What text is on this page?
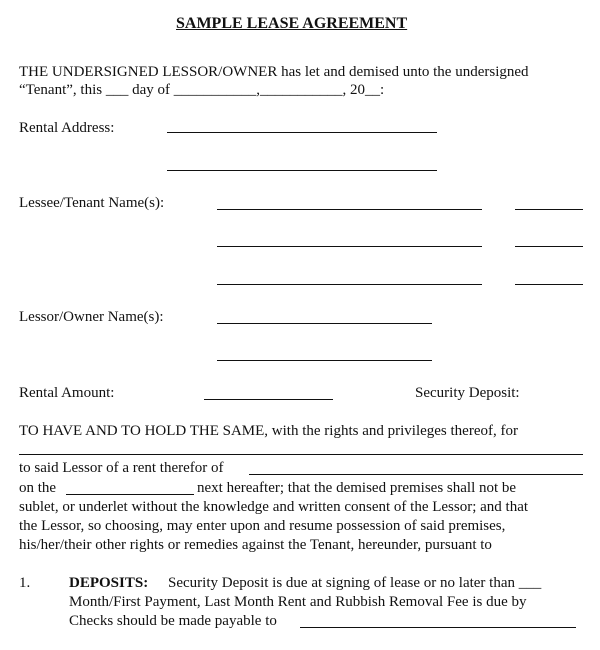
SAMPLE LEASE AGREEMENT
THE UNDERSIGNED LESSOR/OWNER has let and demised unto the undersigned
“Tenant”, this ___ day of ___________,___________, 20__:
Rental Address:
Lessee/Tenant Name(s):
Lessor/Owner Name(s):
Rental Amount:	Security Deposit:
TO HAVE AND TO HOLD THE SAME, with the rights and privileges thereof, for
to said Lessor of a rent therefor of
on the	next hereafter; that the demised premises shall not be
sublet, or underlet without the knowledge and written consent of the Lessor; and that
the Lessor, so choosing, may enter upon and resume possession of said premises,
his/her/their other rights or remedies against the Tenant, hereunder, pursuant to
1.	DEPOSITS: Security Deposit is due at signing of lease or no later than ___
Month/First Payment, Last Month Rent and Rubbish Removal Fee is due by
Checks should be made payable to
